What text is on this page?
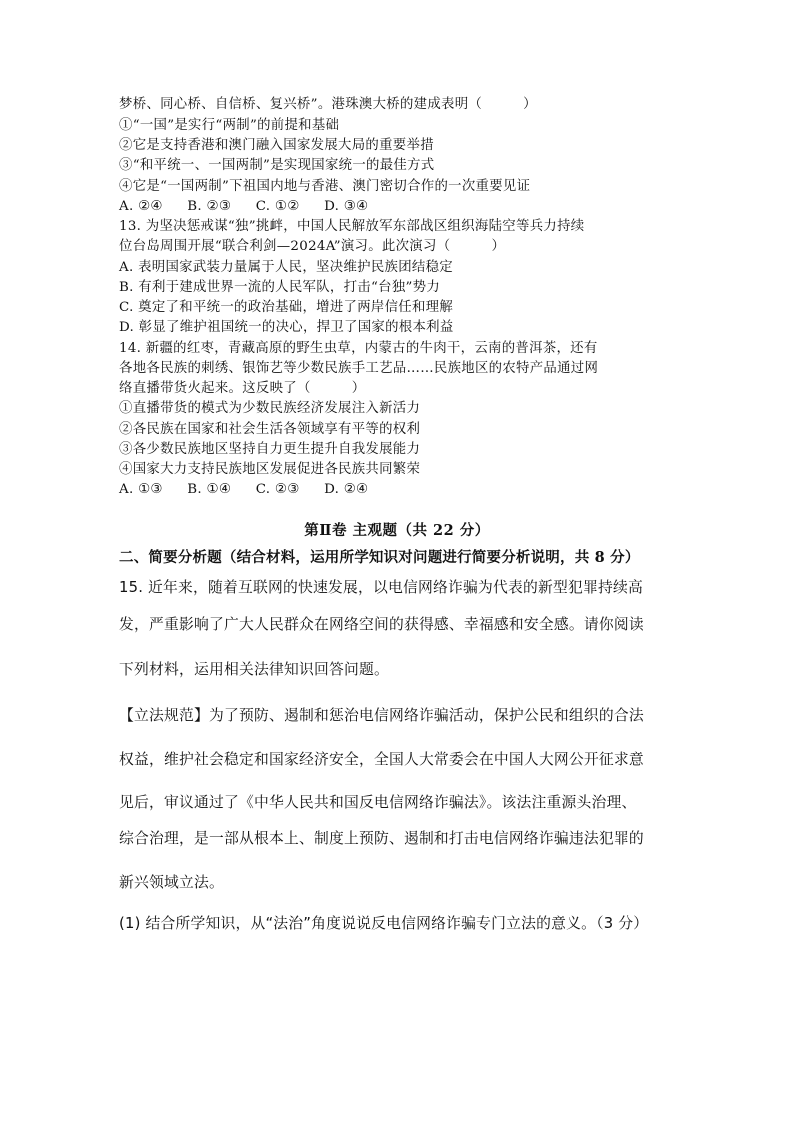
梦桥、同心桥、自信桥、复兴桥”。港珠澳大桥的建成表明（　　　）
①“一国”是实行“两制”的前提和基础
②它是支持香港和澳门融入国家发展大局的重要举措
③“和平统一、一国两制”是实现国家统一的最佳方式
④它是“一国两制”下祖国内地与香港、澳门密切合作的一次重要见证
A. ②④ B. ②③ C. ①② D. ③④
13. 为坚决惩戒谋“独”挑衅，中国人民解放军东部战区组织海陆空等兵力持续
位台岛周围开展“联合利剑—2024A”演习。此次演习（　　　）
A. 表明国家武装力量属于人民，坚决维护民族团结稳定
B. 有利于建成世界一流的人民军队，打击“台独”势力
C. 奠定了和平统一的政治基础，增进了两岸信任和理解
D. 彰显了维护祖国统一的决心，捍卫了国家的根本利益
14. 新疆的红枣，青藏高原的野生虫草，内蒙古的牛肉干，云南的普洱茶，还有
各地各民族的刺绣、银饰艺等少数民族手工艺品……民族地区的农特产品通过网
络直播带货火起来。这反映了（　　　）
①直播带货的模式为少数民族经济发展注入新活力
②各民族在国家和社会生活各领域享有平等的权利
③各少数民族地区坚持自力更生提升自我发展能力
④国家大力支持民族地区发展促进各民族共同繁荣
A. ①③ B. ①④ C. ②③ D. ②④
第Ⅱ卷 主观题（共 22 分）
二、简要分析题（结合材料，运用所学知识对问题进行简要分析说明，共 8 分）
15. 近年来，随着互联网的快速发展，以电信网络诈骗为代表的新型犯罪持续高
发，严重影响了广大人民群众在网络空间的获得感、幸福感和安全感。请你阅读
下列材料，运用相关法律知识回答问题。
【立法规范】为了预防、遏制和惩治电信网络诈骗活动，保护公民和组织的合法
权益，维护社会稳定和国家经济安全，全国人大常委会在中国人大网公开征求意
见后，审议通过了《中华人民共和国反电信网络诈骗法》。该法注重源头治理、
综合治理，是一部从根本上、制度上预防、遏制和打击电信网络诈骗违法犯罪的
新兴领域立法。
(1) 结合所学知识，从“法治”角度说说反电信网络诈骗专门立法的意义。（3 分）
